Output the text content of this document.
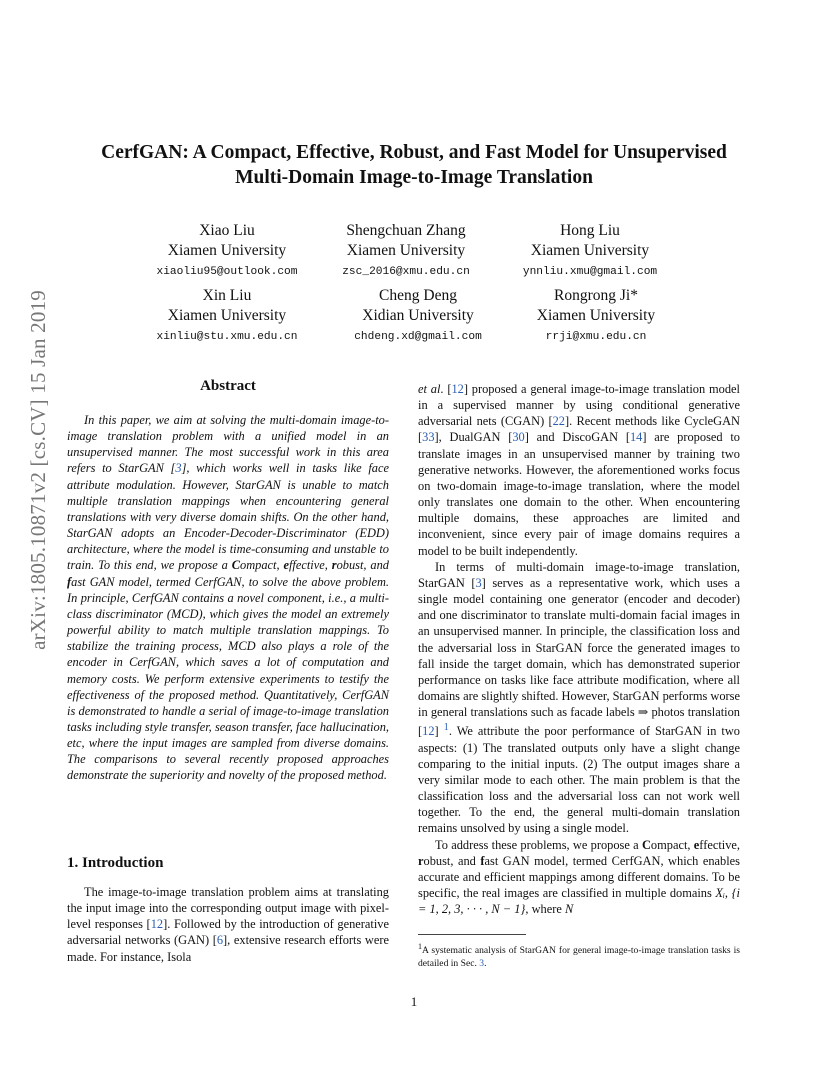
arXiv:1805.10871v2 [cs.CV] 15 Jan 2019
CerfGAN: A Compact, Effective, Robust, and Fast Model for Unsupervised
Multi-Domain Image-to-Image Translation
Xiao Liu
Xiamen University
xiaoliu95@outlook.com
Shengchuan Zhang
Xiamen University
zsc_2016@xmu.edu.cn
Hong Liu
Xiamen University
ynnliu.xmu@gmail.com
Xin Liu
Xiamen University
xinliu@stu.xmu.edu.cn
Cheng Deng
Xidian University
chdeng.xd@gmail.com
Rongrong Ji*
Xiamen University
rrji@xmu.edu.cn
Abstract

In this paper, we aim at solving the multi-domain image-to-image translation problem with a unified model in an unsupervised manner. The most successful work in this area refers to StarGAN [3], which works well in tasks like face attribute modulation. However, StarGAN is unable to match multiple translation mappings when encountering general translations with very diverse domain shifts. On the other hand, StarGAN adopts an Encoder-Decoder-Discriminator (EDD) architecture, where the model is time-consuming and unstable to train. To this end, we propose a Compact, effective, robust, and fast GAN model, termed CerfGAN, to solve the above problem. In principle, CerfGAN contains a novel component, i.e., a multi-class discriminator (MCD), which gives the model an extremely powerful ability to match multiple translation mappings. To stabilize the training process, MCD also plays a role of the encoder in CerfGAN, which saves a lot of computation and memory costs. We perform extensive experiments to testify the effectiveness of the proposed method. Quantitatively, CerfGAN is demonstrated to handle a serial of image-to-image translation tasks including style transfer, season transfer, face hallucination, etc, where the input images are sampled from diverse domains. The comparisons to several recently proposed approaches demonstrate the superiority and novelty of the proposed method.

1. Introduction

The image-to-image translation problem aims at translating the input image into the corresponding output image with pixel-level responses [12]. Followed by the introduction of generative adversarial networks (GAN) [6], extensive research efforts were made. For instance, Isola

et al. [12] proposed a general image-to-image translation model in a supervised manner by using conditional generative adversarial nets (CGAN) [22]. Recent methods like CycleGAN [33], DualGAN [30] and DiscoGAN [14] are proposed to translate images in an unsupervised manner by training two generative networks. However, the aforementioned works focus on two-domain image-to-image translation, where the model only translates one domain to the other. When encountering multiple domains, these approaches are limited and inconvenient, since every pair of image domains requires a model to be built independently.

In terms of multi-domain image-to-image translation, StarGAN [3] serves as a representative work, which uses a single model containing one generator (encoder and decoder) and one discriminator to translate multi-domain facial images in an unsupervised manner. In principle, the classification loss and the adversarial loss in StarGAN force the generated images to fall inside the target domain, which has demonstrated superior performance on tasks like face attribute modification, where all domains are slightly shifted. However, StarGAN performs worse in general translations such as facade labels ⇒ photos translation [12] $^1$. We attribute the poor performance of StarGAN in two aspects: (1) The translated outputs only have a slight change comparing to the initial inputs. (2) The output images share a very similar mode to each other. The main problem is that the classification loss and the adversarial loss can not work well together. To the end, the general multi-domain translation remains unsolved by using a single model.

To address these problems, we propose a Compact, effective, robust, and fast GAN model, termed CerfGAN, which enables accurate and efficient mappings among different domains. To be specific, the real images are classified in multiple domains Xᵢ, {i = 1, 2, 3, · · · , N − 1}, where N

$^1$A systematic analysis of StarGAN for general image-to-image translation tasks is detailed in Sec. 3.
1
